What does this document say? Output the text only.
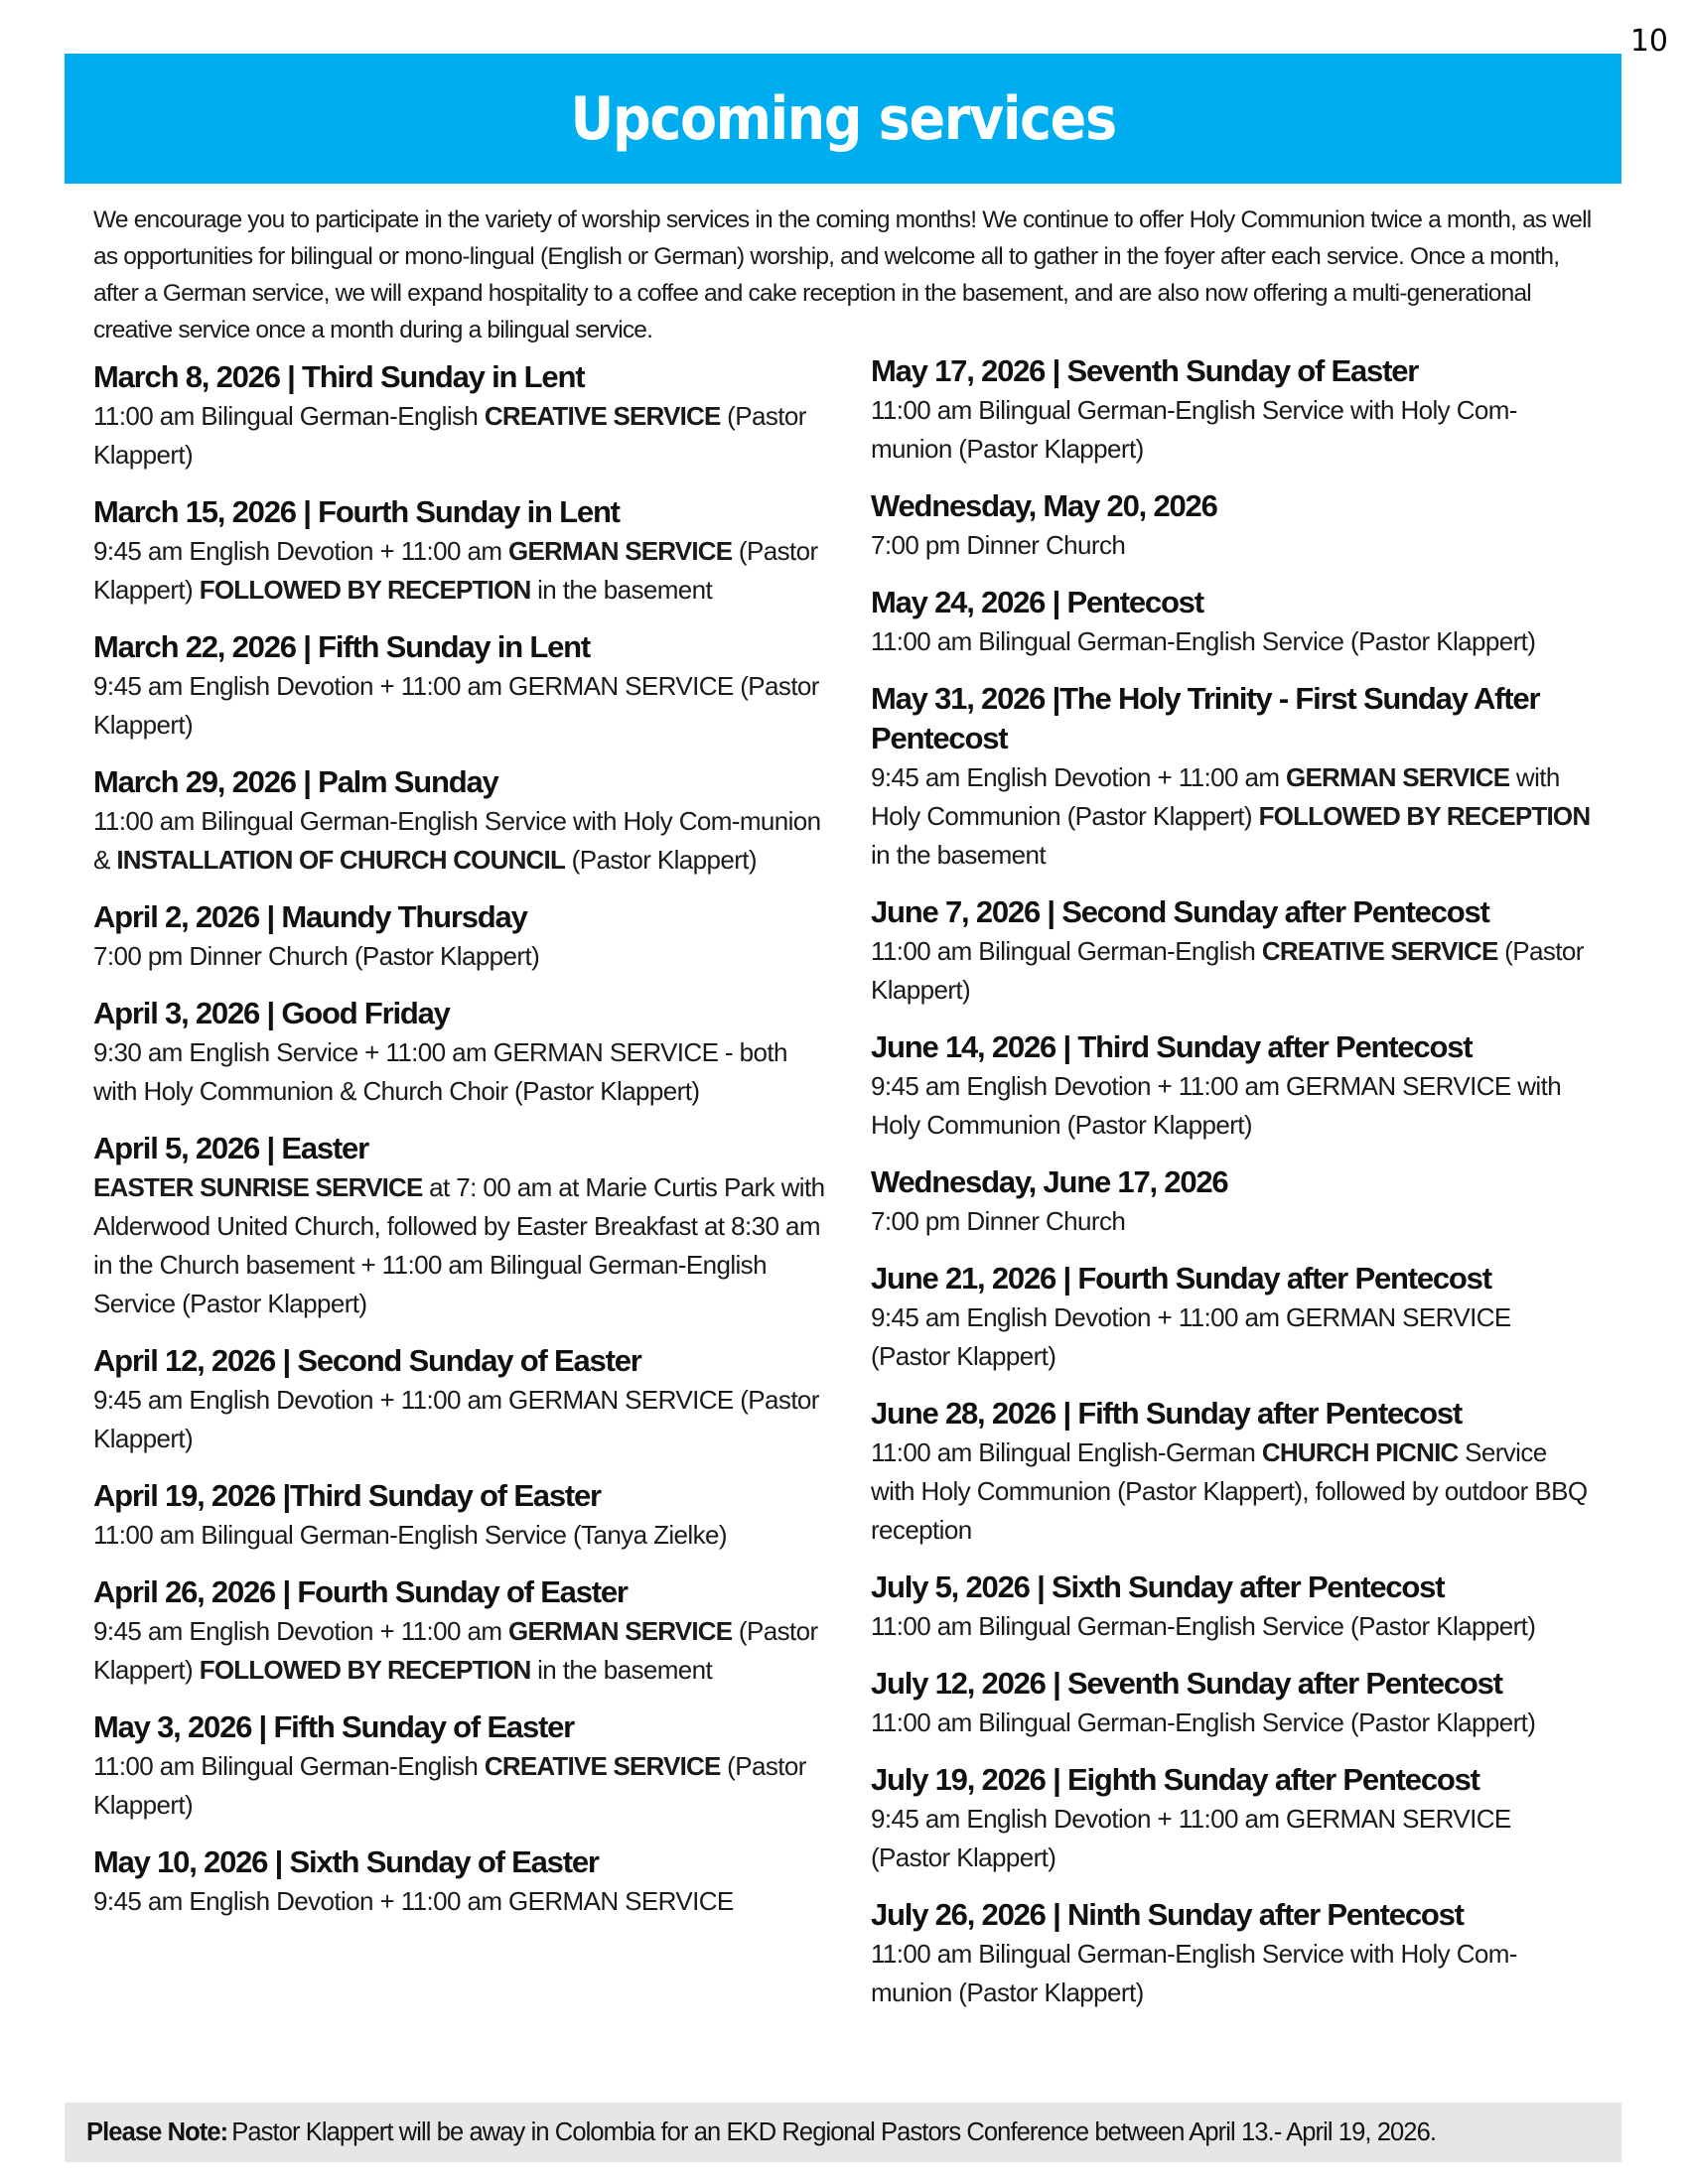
10
Upcoming services

We encourage you to participate in the variety of worship services in the coming months! We continue to offer Holy Communion twice a month, as well as opportunities for bilingual or mono-lingual (English or German) worship, and welcome all to gather in the foyer after each service. Once a month, after a German service, we will expand hospitality to a coffee and cake reception in the basement, and are also now offering a multi-generational creative service once a month during a bilingual service.

March 8, 2026 | Third Sunday in Lent
11:00 am Bilingual German-English CREATIVE SERVICE (Pastor Klappert)
March 15, 2026 | Fourth Sunday in Lent
9:45 am English Devotion + 11:00 am GERMAN SERVICE (Pastor Klappert) FOLLOWED BY RECEPTION in the basement
March 22, 2026 | Fifth Sunday in Lent
9:45 am English Devotion + 11:00 am GERMAN SERVICE (Pastor Klappert)
March 29, 2026 | Palm Sunday
11:00 am Bilingual German-English Service with Holy Com-munion & INSTALLATION OF CHURCH COUNCIL (Pastor Klappert)
April 2, 2026 | Maundy Thursday
7:00 pm Dinner Church (Pastor Klappert)
April 3, 2026 | Good Friday
9:30 am English Service + 11:00 am GERMAN SERVICE - both with Holy Communion & Church Choir (Pastor Klappert)
April 5, 2026 | Easter
EASTER SUNRISE SERVICE at 7: 00 am at Marie Curtis Park with Alderwood United Church, followed by Easter Breakfast at 8:30 am in the Church basement + 11:00 am Bilingual German-English Service (Pastor Klappert)
April 12, 2026 | Second Sunday of Easter
9:45 am English Devotion + 11:00 am GERMAN SERVICE (Pastor Klappert)
April 19, 2026 |Third Sunday of Easter
11:00 am Bilingual German-English Service (Tanya Zielke)
April 26, 2026 | Fourth Sunday of Easter
9:45 am English Devotion + 11:00 am GERMAN SERVICE (Pastor Klappert) FOLLOWED BY RECEPTION in the basement
May 3, 2026 | Fifth Sunday of Easter
11:00 am Bilingual German-English CREATIVE SERVICE (Pastor Klappert)
May 10, 2026 | Sixth Sunday of Easter
9:45 am English Devotion + 11:00 am GERMAN SERVICE
May 17, 2026 | Seventh Sunday of Easter
11:00 am Bilingual German-English Service with Holy Com-munion (Pastor Klappert)
Wednesday, May 20, 2026
7:00 pm Dinner Church
May 24, 2026 | Pentecost
11:00 am Bilingual German-English Service (Pastor Klappert)
May 31, 2026 |The Holy Trinity - First Sunday After Pentecost
9:45 am English Devotion + 11:00 am GERMAN SERVICE with Holy Communion (Pastor Klappert) FOLLOWED BY RECEPTION in the basement
June 7, 2026 | Second Sunday after Pentecost
11:00 am Bilingual German-English CREATIVE SERVICE (Pastor Klappert)
June 14, 2026 | Third Sunday after Pentecost
9:45 am English Devotion + 11:00 am GERMAN SERVICE with Holy Communion (Pastor Klappert)
Wednesday, June 17, 2026
7:00 pm Dinner Church
June 21, 2026 | Fourth Sunday after Pentecost
9:45 am English Devotion + 11:00 am GERMAN SERVICE (Pastor Klappert)
June 28, 2026 | Fifth Sunday after Pentecost
11:00 am Bilingual English-German CHURCH PICNIC Service with Holy Communion (Pastor Klappert), followed by outdoor BBQ reception
July 5, 2026 | Sixth Sunday after Pentecost
11:00 am Bilingual German-English Service (Pastor Klappert)
July 12, 2026 | Seventh Sunday after Pentecost
11:00 am Bilingual German-English Service (Pastor Klappert)
July 19, 2026 | Eighth Sunday after Pentecost
9:45 am English Devotion + 11:00 am GERMAN SERVICE (Pastor Klappert)
July 26, 2026 | Ninth Sunday after Pentecost
11:00 am Bilingual German-English Service with Holy Com-munion (Pastor Klappert)
Please Note: Pastor Klappert will be away in Colombia for an EKD Regional Pastors Conference between April 13.- April 19, 2026.
